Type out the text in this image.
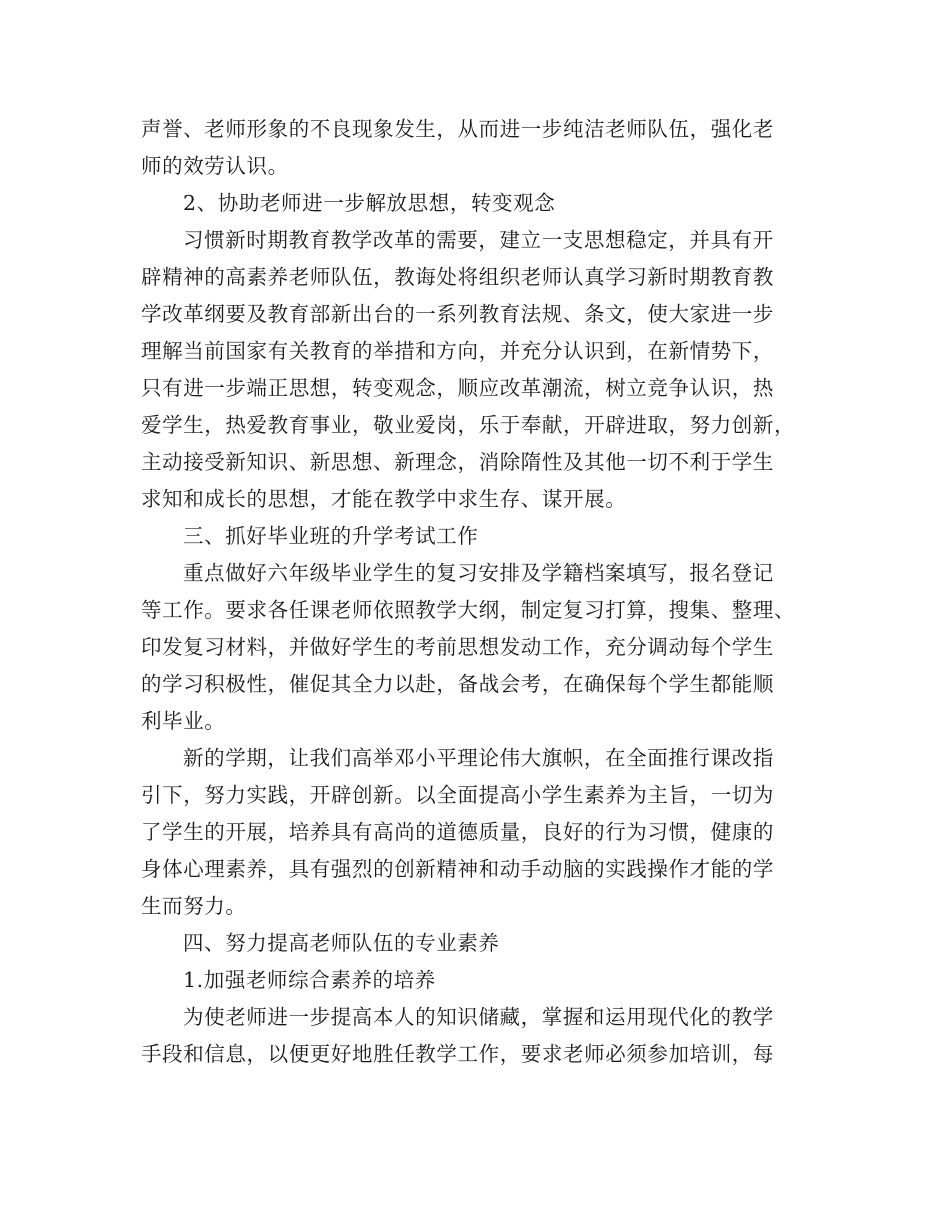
声誉、老师形象的不良现象发生，从而进一步纯洁老师队伍，强化老
师的效劳认识。
2、协助老师进一步解放思想，转变观念
习惯新时期教育教学改革的需要，建立一支思想稳定，并具有开
辟精神的高素养老师队伍，教诲处将组织老师认真学习新时期教育教
学改革纲要及教育部新出台的一系列教育法规、条文，使大家进一步
理解当前国家有关教育的举措和方向，并充分认识到，在新情势下，
只有进一步端正思想，转变观念，顺应改革潮流，树立竞争认识，热
爱学生，热爱教育事业，敬业爱岗，乐于奉献，开辟进取，努力创新，
主动接受新知识、新思想、新理念，消除隋性及其他一切不利于学生
求知和成长的思想，才能在教学中求生存、谋开展。
三、抓好毕业班的升学考试工作
重点做好六年级毕业学生的复习安排及学籍档案填写，报名登记
等工作。要求各任课老师依照教学大纲，制定复习打算，搜集、整理、
印发复习材料，并做好学生的考前思想发动工作，充分调动每个学生
的学习积极性，催促其全力以赴，备战会考，在确保每个学生都能顺
利毕业。
新的学期，让我们高举邓小平理论伟大旗帜，在全面推行课改指
引下，努力实践，开辟创新。以全面提高小学生素养为主旨，一切为
了学生的开展，培养具有高尚的道德质量，良好的行为习惯，健康的
身体心理素养，具有强烈的创新精神和动手动脑的实践操作才能的学
生而努力。
四、努力提高老师队伍的专业素养
1.加强老师综合素养的培养
为使老师进一步提高本人的知识储藏，掌握和运用现代化的教学
手段和信息，以便更好地胜任教学工作，要求老师必须参加培训，每
